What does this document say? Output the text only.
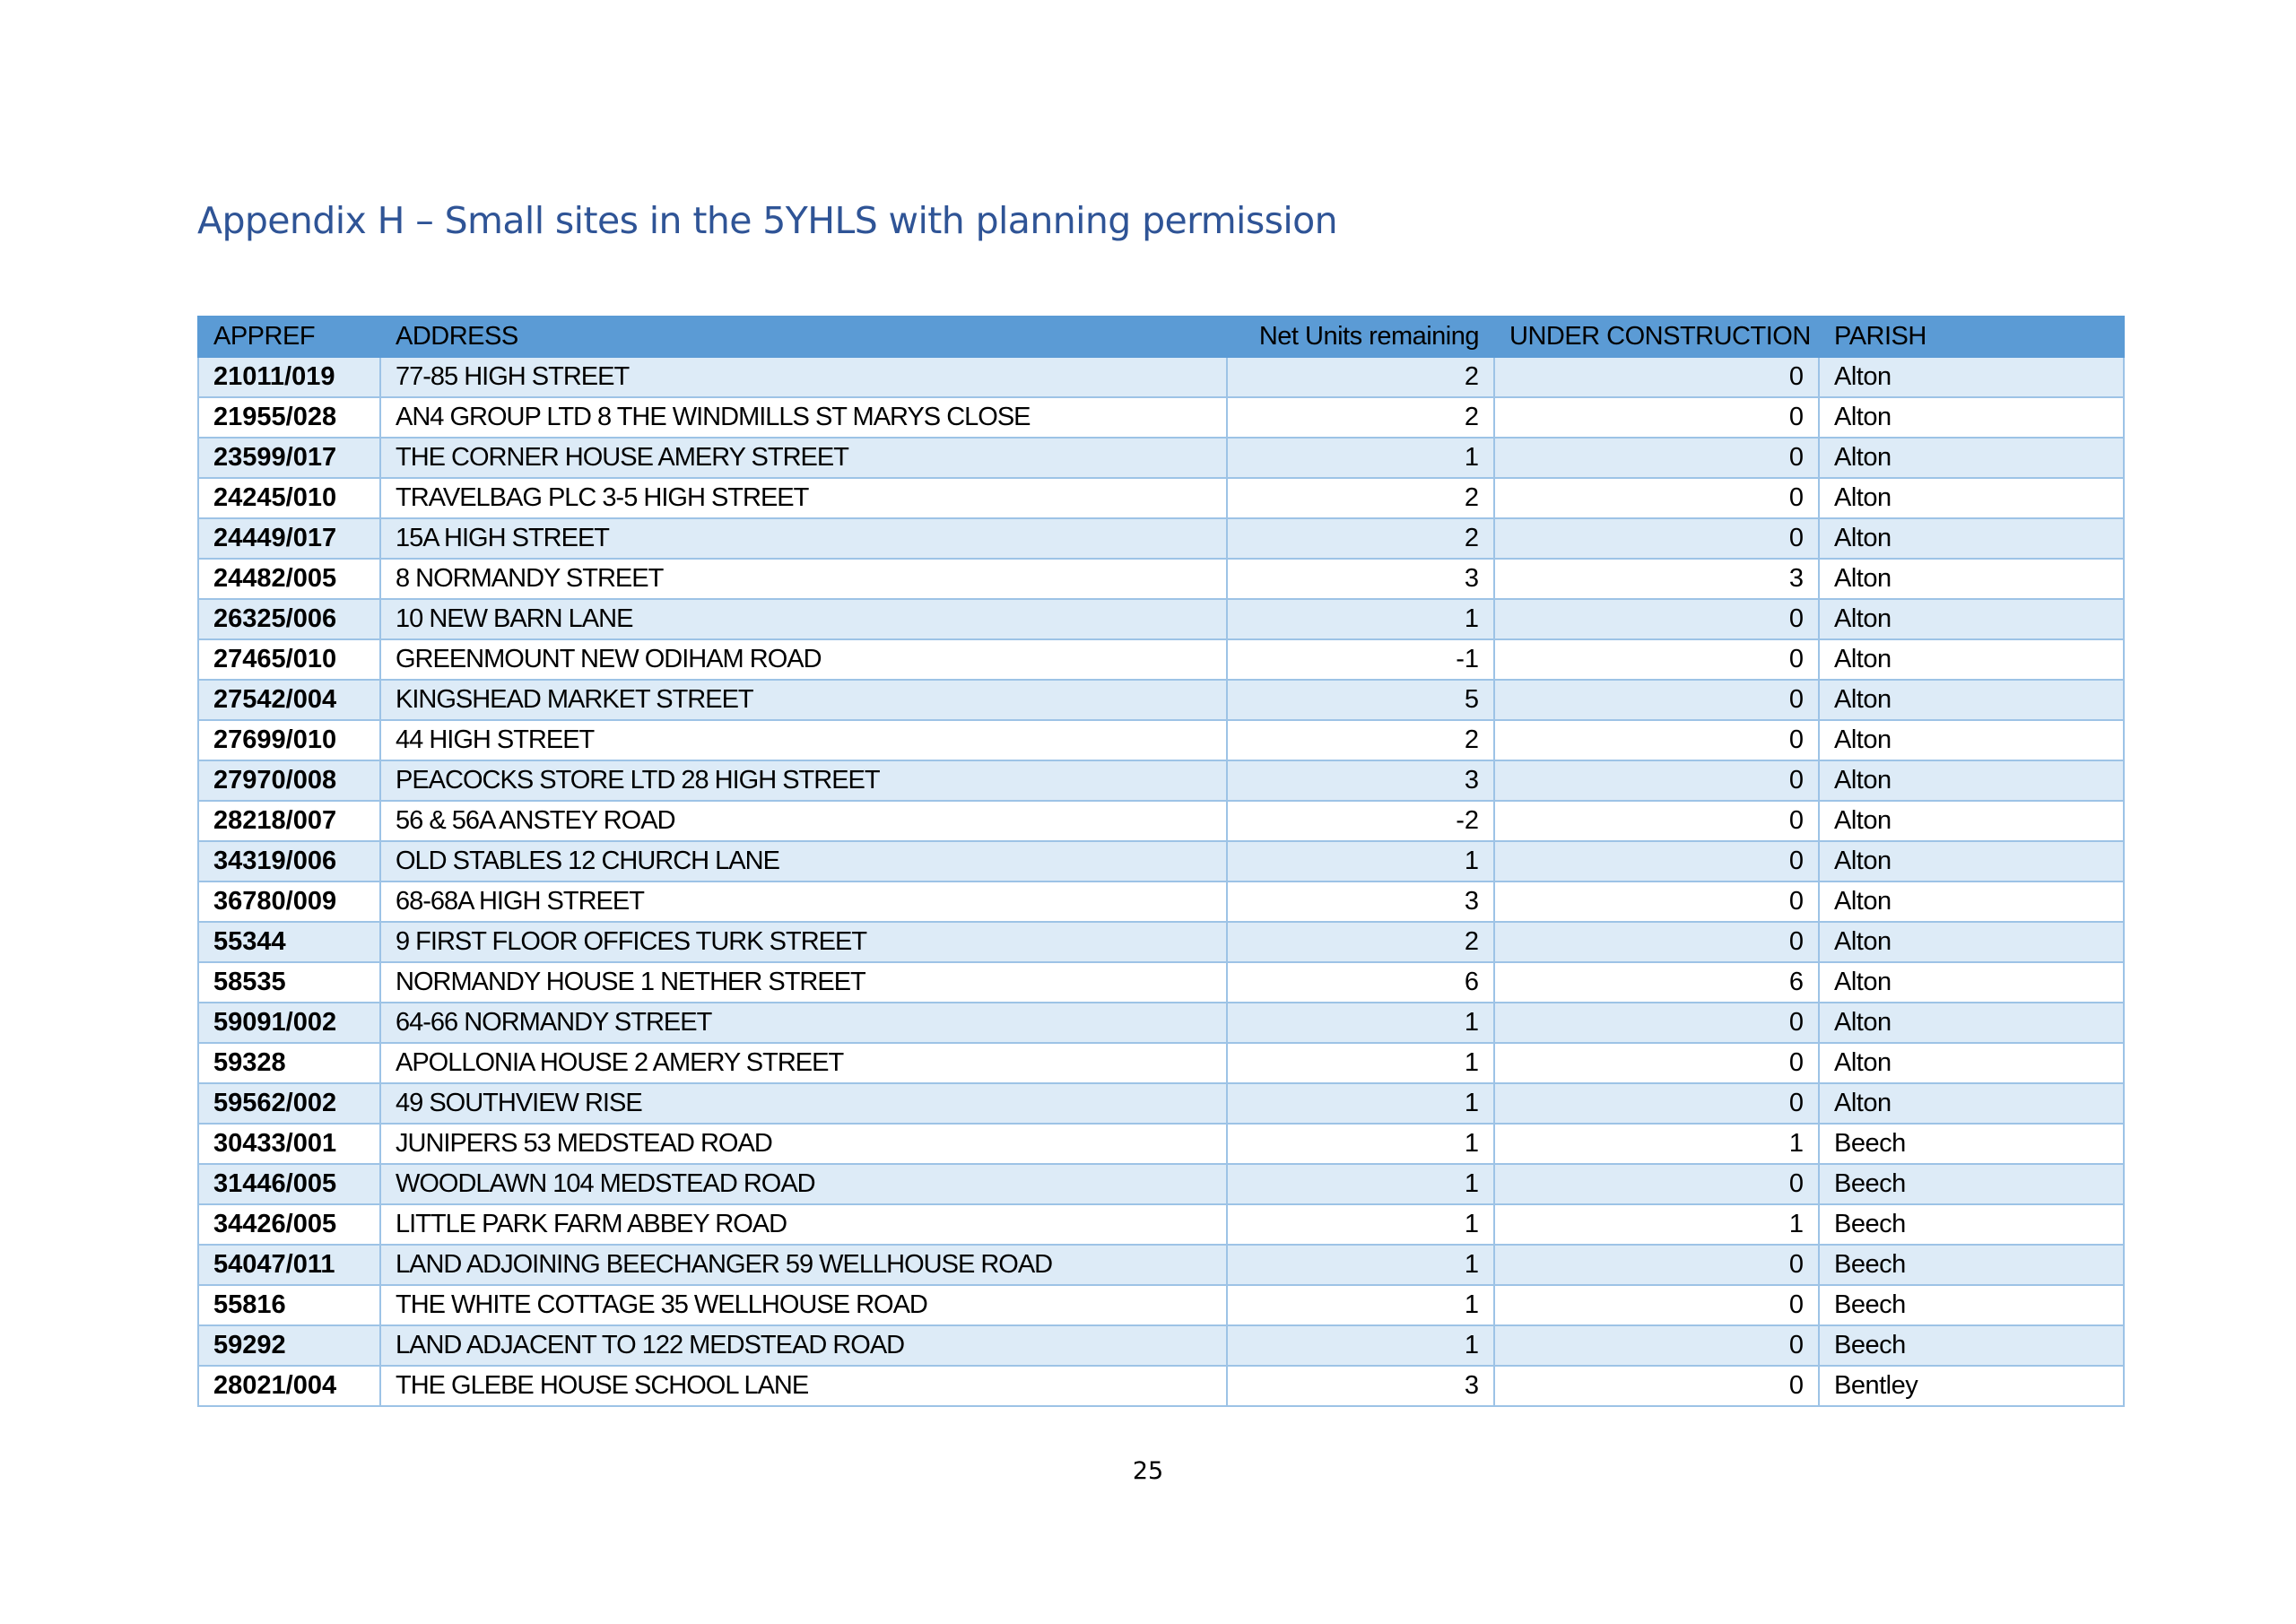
Appendix H – Small sites in the 5YHLS with planning permission
APPREF	ADDRESS	Net Units remaining	UNDER CONSTRUCTION	PARISH
21011/019	77-85 HIGH STREET	2	0	Alton
21955/028	AN4 GROUP LTD 8 THE WINDMILLS ST MARYS CLOSE	2	0	Alton
23599/017	THE CORNER HOUSE AMERY STREET	1	0	Alton
24245/010	TRAVELBAG PLC 3-5 HIGH STREET	2	0	Alton
24449/017	15A HIGH STREET	2	0	Alton
24482/005	8 NORMANDY STREET	3	3	Alton
26325/006	10 NEW BARN LANE	1	0	Alton
27465/010	GREENMOUNT NEW ODIHAM ROAD	-1	0	Alton
27542/004	KINGSHEAD MARKET STREET	5	0	Alton
27699/010	44 HIGH STREET	2	0	Alton
27970/008	PEACOCKS STORE LTD 28 HIGH STREET	3	0	Alton
28218/007	56 & 56A ANSTEY ROAD	-2	0	Alton
34319/006	OLD STABLES 12 CHURCH LANE	1	0	Alton
36780/009	68-68A HIGH STREET	3	0	Alton
55344	9 FIRST FLOOR OFFICES TURK STREET	2	0	Alton
58535	NORMANDY HOUSE 1 NETHER STREET	6	6	Alton
59091/002	64-66 NORMANDY STREET	1	0	Alton
59328	APOLLONIA HOUSE 2 AMERY STREET	1	0	Alton
59562/002	49 SOUTHVIEW RISE	1	0	Alton
30433/001	JUNIPERS 53 MEDSTEAD ROAD	1	1	Beech
31446/005	WOODLAWN 104 MEDSTEAD ROAD	1	0	Beech
34426/005	LITTLE PARK FARM ABBEY ROAD	1	1	Beech
54047/011	LAND ADJOINING BEECHANGER 59 WELLHOUSE ROAD	1	0	Beech
55816	THE WHITE COTTAGE 35 WELLHOUSE ROAD	1	0	Beech
59292	LAND ADJACENT TO 122 MEDSTEAD ROAD	1	0	Beech
28021/004	THE GLEBE HOUSE SCHOOL LANE	3	0	Bentley
25
